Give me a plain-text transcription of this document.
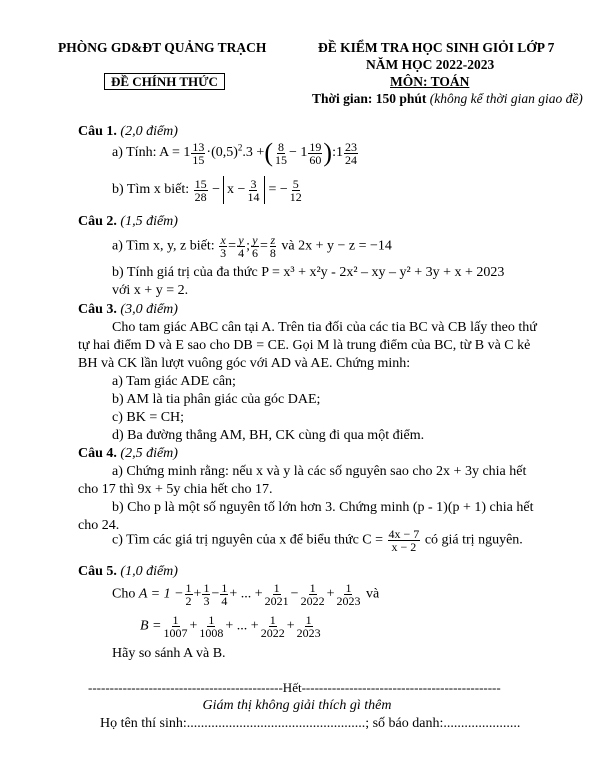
PHÒNG GD&ĐT QUẢNG TRẠCH
ĐỀ CHÍNH THỨC
ĐỀ KIỂM TRA HỌC SINH GIỎI LỚP 7
NĂM HỌC 2022-2023
MÔN: TOÁN
Thời gian: 150 phút (không kể thời gian giao đề)
Câu 1. (2,0 điểm)
a) Tính: $A = 1 \frac{13}{15} \cdot(0,5)^2.3$ +( $\frac{8}{15} - 1 \frac{19}{60}$ ):1 $\frac{23}{24}$
b) Tìm x biết: $\frac{15}{28} - x - \frac{3}{14}$ = − $\frac{5}{12}$
Câu 2. (1,5 điểm)
a) Tìm x, y, z biết: $\frac{x}{3} = \frac{y}{4}$ ; $\frac{y}{6} = \frac{z}{8}$ và 2x + y − z = −14
b) Tính giá trị của đa thức P = x³ + x²y - 2x² – xy – y² + 3y + x + 2023
với x + y = 2.
Câu 3. (3,0 điểm)
Cho tam giác ABC cân tại A. Trên tia đối của các tia BC và CB lấy theo thứ
tự hai điểm D và E sao cho DB = CE. Gọi M là trung điểm của BC, từ B và C kẻ
BH và CK lần lượt vuông góc với AD và AE. Chứng minh:
a) Tam giác ADE cân;
b) AM là tia phân giác của góc DAE;
c) BK = CH;
d) Ba đường thẳng AM, BH, CK cùng đi qua một điểm.
Câu 4. (2,5 điểm)
a) Chứng minh rằng: nếu x và y là các số nguyên sao cho 2x + 3y chia hết
cho 17 thì 9x + 5y chia hết cho 17.
b) Cho p là một số nguyên tố lớn hơn 3. Chứng minh (p - 1)(p + 1) chia hết
cho 24.
c) Tìm các giá trị nguyên của x để biểu thức $C = \frac{4x - 7}{x - 2}$ có giá trị nguyên.
Câu 5. (1,0 điểm)
Cho $A = 1 - \frac{1}{2} + \frac{1}{3} - \frac{1}{4}$ + ... + $\frac{1}{2021} - \frac{1}{2022} + \frac{1}{2023}$ và
$B = \frac{1}{1007} + \frac{1}{1008}$ + ... + $\frac{1}{2022} + \frac{1}{2023}$
Hãy so sánh A và B.
---------------------------------------------Hết----------------------------------------------
Giám thị không giải thích gì thêm
Họ tên thí sinh:...................................................; số báo danh:......................
